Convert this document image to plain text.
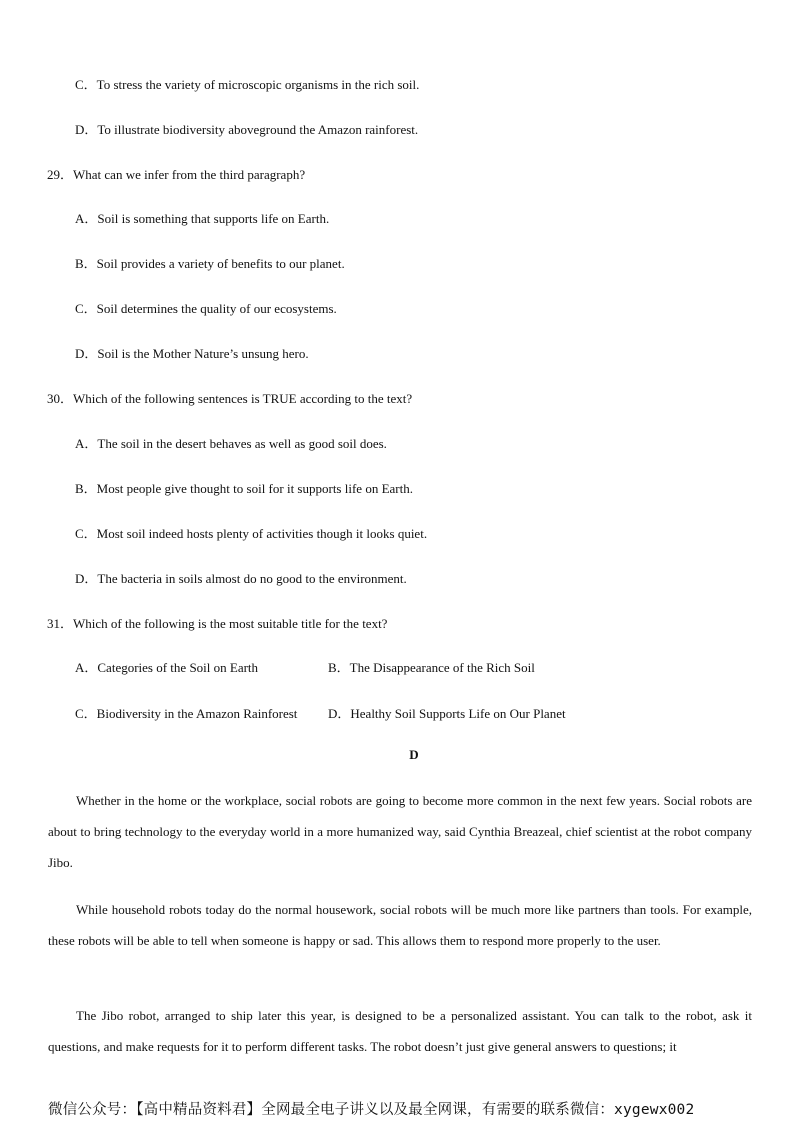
C．To stress the variety of microscopic organisms in the rich soil.
D．To illustrate biodiversity aboveground the Amazon rainforest.
29．What can we infer from the third paragraph?
A．Soil is something that supports life on Earth.
B．Soil provides a variety of benefits to our planet.
C．Soil determines the quality of our ecosystems.
D．Soil is the Mother Nature’s unsung hero.
30．Which of the following sentences is TRUE according to the text?
A．The soil in the desert behaves as well as good soil does.
B．Most people give thought to soil for it supports life on Earth.
C．Most soil indeed hosts plenty of activities though it looks quiet.
D．The bacteria in soils almost do no good to the environment.
31．Which of the following is the most suitable title for the text?
A．Categories of the Soil on Earth	B．The Disappearance of the Rich Soil
C．Biodiversity in the Amazon Rainforest D．Healthy Soil Supports Life on Our Planet
D
Whether in the home or the workplace, social robots are going to become more common in the next few years. Social robots are about to bring technology to the everyday world in a more humanized way, said Cynthia Breazeal, chief scientist at the robot company Jibo.
While household robots today do the normal housework, social robots will be much more like partners than tools. For example, these robots will be able to tell when someone is happy or sad. This allows them to respond more properly to the user.
The Jibo robot, arranged to ship later this year, is designed to be a personalized assistant. You can talk to the robot, ask it questions, and make requests for it to perform different tasks. The robot doesn’t just give general answers to questions; it
微信公众号：【高中精品资料君】全网最全电子讲义以及最全网课，有需要的联系微信：xygewx002
